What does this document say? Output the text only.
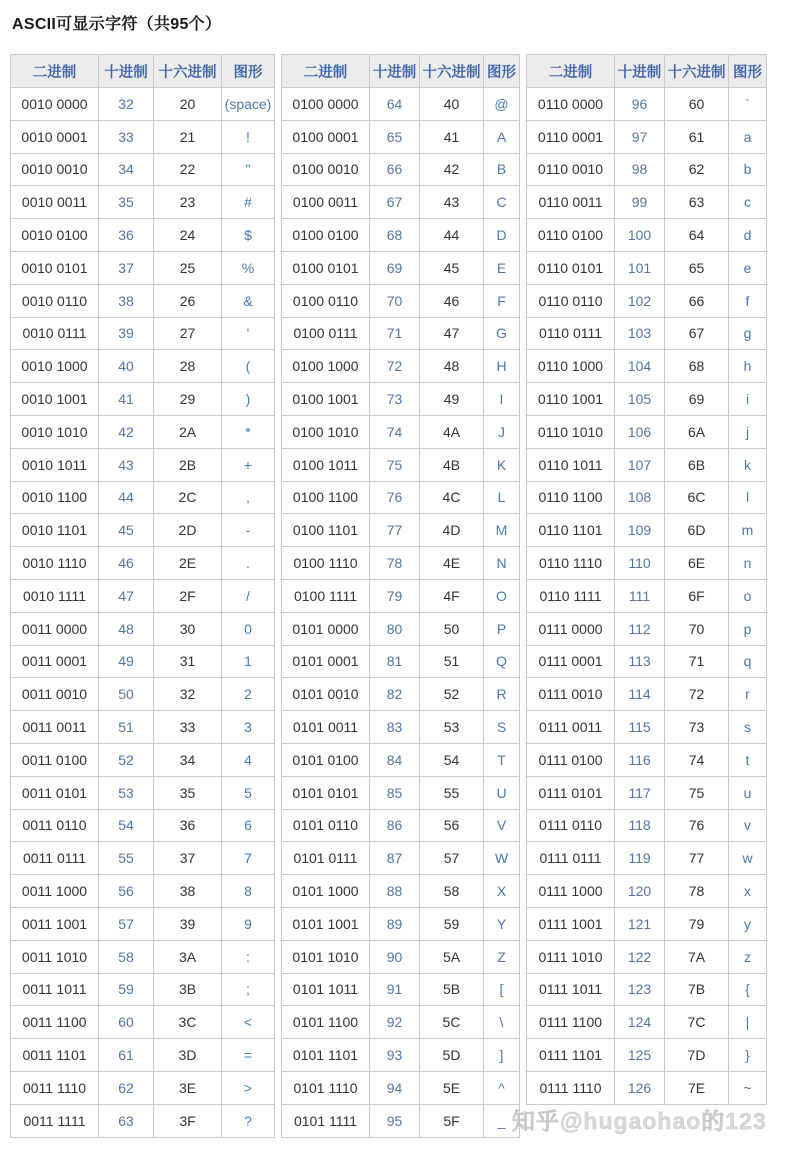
ASCII可显示字符（共95个）
二进制	十进制	十六进制	图形
0010 0000	32	20	(space)
0010 0001	33	21	!
0010 0010	34	22	"
0010 0011	35	23	#
0010 0100	36	24	$
0010 0101	37	25	%
0010 0110	38	26	&
0010 0111	39	27	'
0010 1000	40	28	(
0010 1001	41	29	)
0010 1010	42	2A	*
0010 1011	43	2B	+
0010 1100	44	2C	,
0010 1101	45	2D	-
0010 1110	46	2E	.
0010 1111	47	2F	/
0011 0000	48	30	0
0011 0001	49	31	1
0011 0010	50	32	2
0011 0011	51	33	3
0011 0100	52	34	4
0011 0101	53	35	5
0011 0110	54	36	6
0011 0111	55	37	7
0011 1000	56	38	8
0011 1001	57	39	9
0011 1010	58	3A	:
0011 1011	59	3B	;
0011 1100	60	3C	<
0011 1101	61	3D	=
0011 1110	62	3E	>
0011 1111	63	3F	?
二进制	十进制	十六进制	图形
0100 0000	64	40	@
0100 0001	65	41	A
0100 0010	66	42	B
0100 0011	67	43	C
0100 0100	68	44	D
0100 0101	69	45	E
0100 0110	70	46	F
0100 0111	71	47	G
0100 1000	72	48	H
0100 1001	73	49	I
0100 1010	74	4A	J
0100 1011	75	4B	K
0100 1100	76	4C	L
0100 1101	77	4D	M
0100 1110	78	4E	N
0100 1111	79	4F	O
0101 0000	80	50	P
0101 0001	81	51	Q
0101 0010	82	52	R
0101 0011	83	53	S
0101 0100	84	54	T
0101 0101	85	55	U
0101 0110	86	56	V
0101 0111	87	57	W
0101 1000	88	58	X
0101 1001	89	59	Y
0101 1010	90	5A	Z
0101 1011	91	5B	[
0101 1100	92	5C	\
0101 1101	93	5D	]
0101 1110	94	5E	^
0101 1111	95	5F	_
二进制	十进制	十六进制	图形
0110 0000	96	60	`
0110 0001	97	61	a
0110 0010	98	62	b
0110 0011	99	63	c
0110 0100	100	64	d
0110 0101	101	65	e
0110 0110	102	66	f
0110 0111	103	67	g
0110 1000	104	68	h
0110 1001	105	69	i
0110 1010	106	6A	j
0110 1011	107	6B	k
0110 1100	108	6C	l
0110 1101	109	6D	m
0110 1110	110	6E	n
0110 1111	111	6F	o
0111 0000	112	70	p
0111 0001	113	71	q
0111 0010	114	72	r
0111 0011	115	73	s
0111 0100	116	74	t
0111 0101	117	75	u
0111 0110	118	76	v
0111 0111	119	77	w
0111 1000	120	78	x
0111 1001	121	79	y
0111 1010	122	7A	z
0111 1011	123	7B	{
0111 1100	124	7C	|
0111 1101	125	7D	}
0111 1110	126	7E	~
知乎@hugaohao的123
